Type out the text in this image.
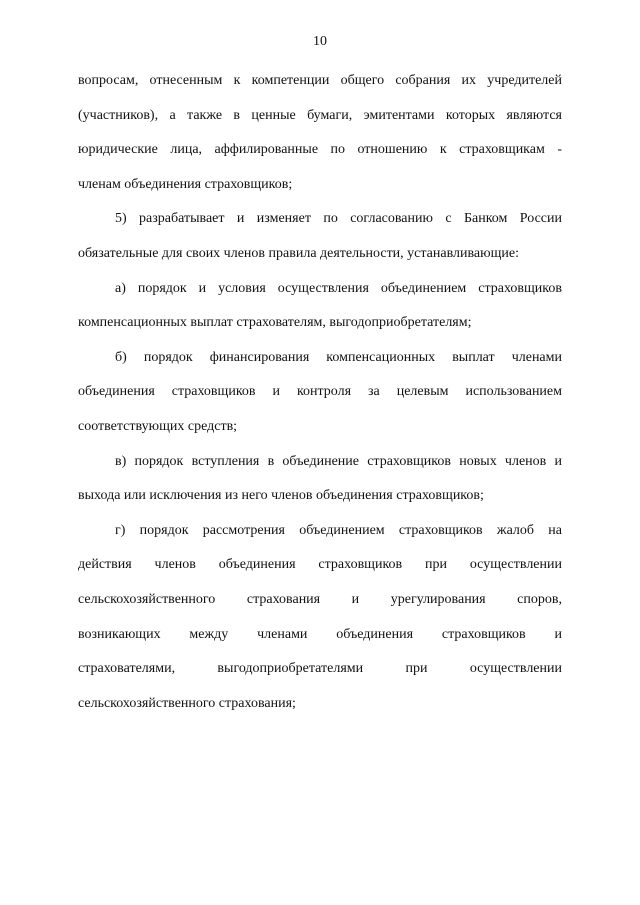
10

вопросам, отнесенным к компетенции общего собрания их учредителей
(участников), а также в ценные бумаги, эмитентами которых являются
юридические лица, аффилированные по отношению к страховщикам -
членам объединения страховщиков;

5) разрабатывает и изменяет по согласованию с Банком России
обязательные для своих членов правила деятельности, устанавливающие:

а) порядок и условия осуществления объединением страховщиков
компенсационных выплат страхователям, выгодоприобретателям;

б) порядок финансирования компенсационных выплат членами
объединения страховщиков и контроля за целевым использованием
соответствующих средств;

в) порядок вступления в объединение страховщиков новых членов и
выхода или исключения из него членов объединения страховщиков;

г) порядок рассмотрения объединением страховщиков жалоб на
действия членов объединения страховщиков при осуществлении
сельскохозяйственного страхования и урегулирования споров,
возникающих между членами объединения страховщиков и
страхователями, выгодоприобретателями при осуществлении
сельскохозяйственного страхования;
